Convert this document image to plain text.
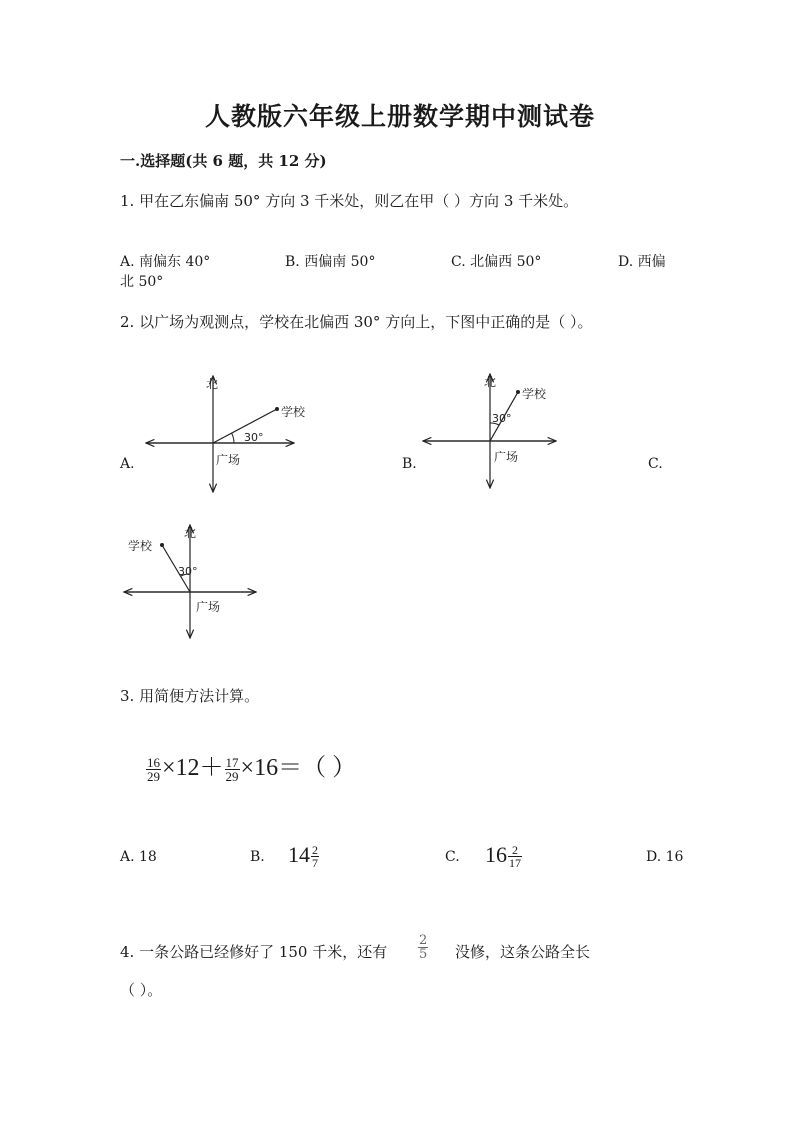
人教版六年级上册数学期中测试卷
一.选择题(共 6 题，共 12 分)
1. 甲在乙东偏南 50° 方向 3 千米处，则乙在甲（ ）方向 3 千米处。
A. 南偏东 40°	B. 西偏南 50°	C. 北偏西 50°	D. 西偏
北 50°
2. 以广场为观测点，学校在北偏西 30° 方向上，下图中正确的是（ ）。
A.	B.	C.
北
学校
30°
广场
北
学校
30°
广场
北
学校
30°
广场
3. 用简便方法计算。
$\frac{16}{29} \times 12+ \frac{17}{29} \times 16=$（ ）
A. 18	B. $14 \frac{2}{7}$	C. $16 \frac{2}{17}$	D. 16
4. 一条公路已经修好了 150 千米，还有 $\frac{2}{5}$ 没修，这条公路全长
（ ）。
